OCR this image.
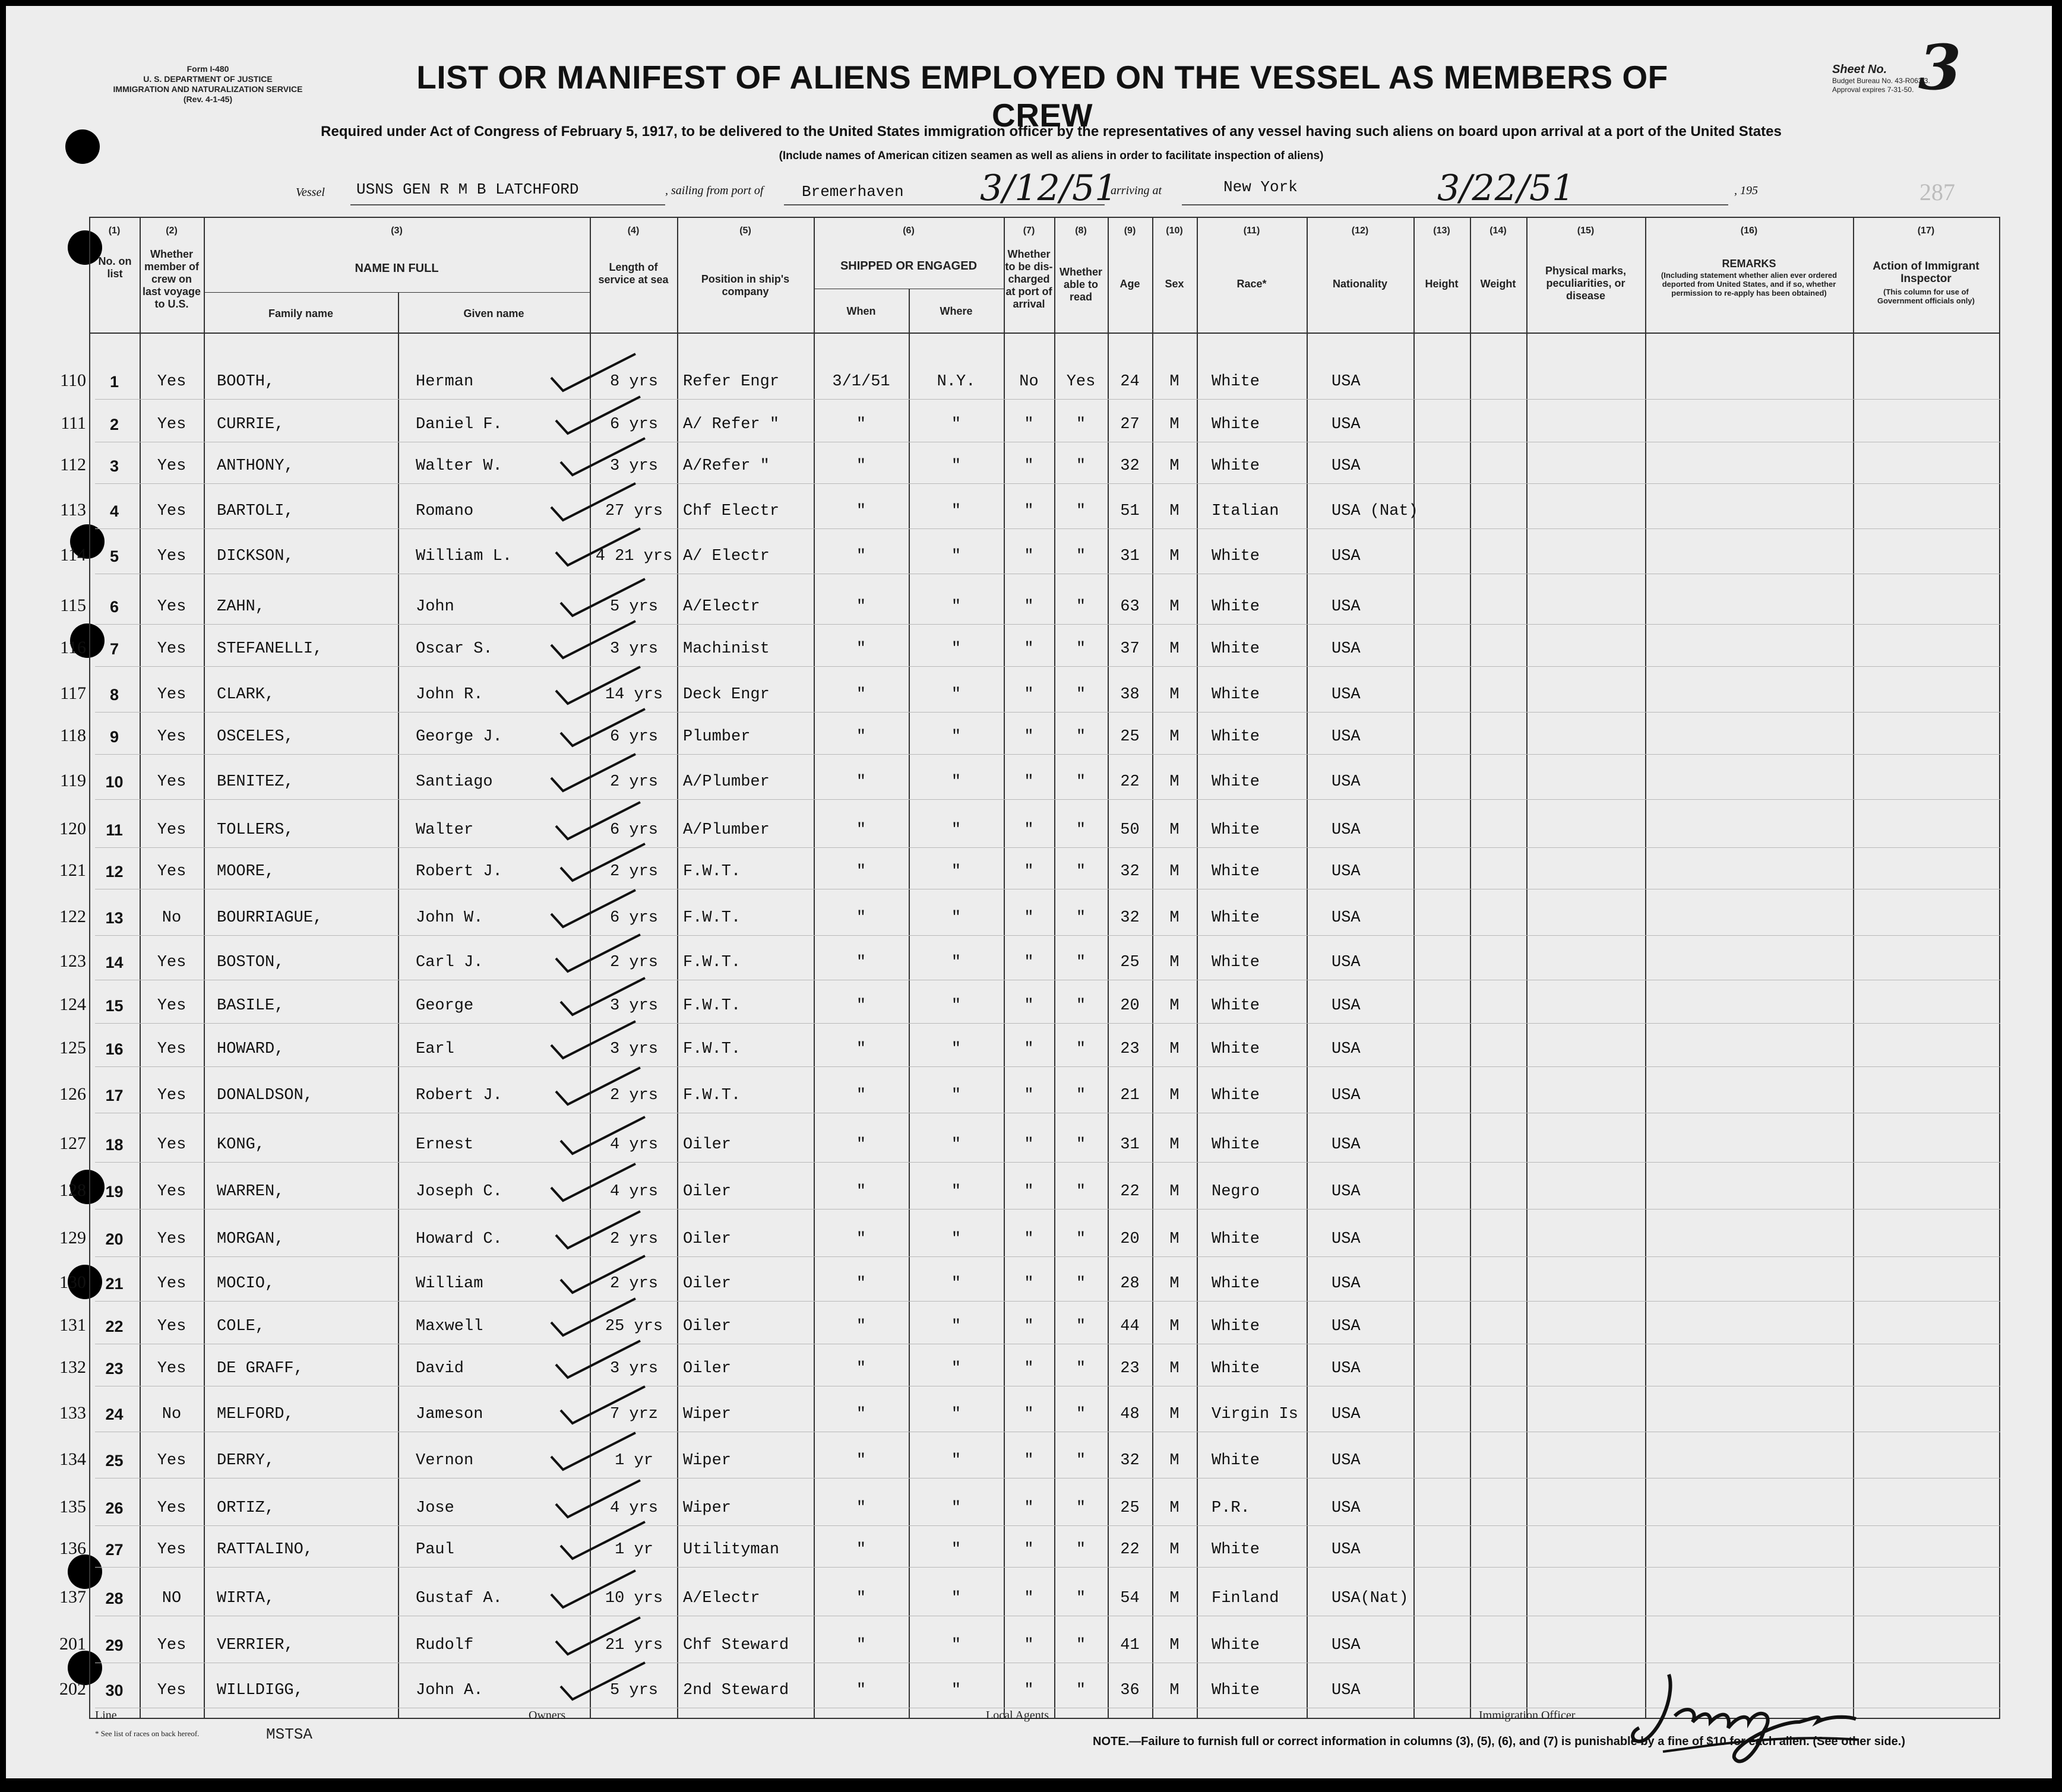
Form I-480
U. S. DEPARTMENT OF JUSTICE
IMMIGRATION AND NATURALIZATION SERVICE
(Rev. 4-1-45)
LIST OR MANIFEST OF ALIENS EMPLOYED ON THE VESSEL AS MEMBERS OF CREW
Sheet No. 3
Budget Bureau No. 43-R063.3.
Approval expires 7-31-50.
Required under Act of Congress of February 5, 1917, to be delivered to the United States immigration officer by the representatives of any vessel having such aliens on board upon arrival at a port of the United States
(Include names of American citizen seamen as well as aliens in order to facilitate inspection of aliens)
Vessel USNS GEN R M B LATCHFORD	, sailing from port of Bremerhaven 3/12/51
arriving at	New York	3/22/51	, 195	287
(1)	(2)	(3)	(4)	(5)	(6)	(7)	(8)	(9)	(10)	(11)	(12)	(13)	(14)	(15)	(16)	(17)
No. on list
Whether member of crew on last voyage to U.S.
NAME IN FULL
Family name	Given name
Length of service at sea	Position in ship's company
SHIPPED OR ENGAGED
When	Where
Whether to be dis-charged at port of arrival
Whether able to read
Age	Sex	Race*	Nationality	Height	Weight
Physical marks, peculiarities, or disease
REMARKS
(Including statement whether alien ever ordered deported from United States, and if so, whether permission to re-apply has been obtained)
Action of Immigrant Inspector
(This column for use of Government officials only)
110	1	Yes	BOOTH,	Herman	8 yrs	Refer Engr	3/1/51	N.Y.	No	Yes	24	M	White	USA
111	2	Yes	CURRIE,	Daniel F.	6 yrs	A/ Refer "	"	"	"	"	27	M	White	USA
112	3	Yes	ANTHONY,	Walter W.	3 yrs	A/Refer "	"	"	"	"	32	M	White	USA
113	4	Yes	BARTOLI,	Romano	27 yrs	Chf Electr	"	"	"	"	51	M	Italian	USA (Nat)
114	5	Yes	DICKSON,	William L.	4 21 yrs A/ Electr	"	"	"	"	31	M	White	USA
115	6	Yes	ZAHN,	John	5 yrs	A/Electr	"	"	"	"	63	M	White	USA
116	7	Yes	STEFANELLI,	Oscar S.	3 yrs	Machinist	"	"	"	"	37	M	White	USA
117	8	Yes	CLARK,	John R.	14 yrs	Deck Engr	"	"	"	"	38	M	White	USA
118	9	Yes	OSCELES,	George J.	6 yrs	Plumber	"	"	"	"	25	M	White	USA
119	10	Yes	BENITEZ,	Santiago	2 yrs	A/Plumber	"	"	"	"	22	M	White	USA
120	11	Yes	TOLLERS,	Walter	6 yrs	A/Plumber	"	"	"	"	50	M	White	USA
121	12	Yes	MOORE,	Robert J.	2 yrs	F.W.T.	"	"	"	"	32	M	White	USA
122	13	No	BOURRIAGUE,	John W.	6 yrs	F.W.T.	"	"	"	"	32	M	White	USA
123	14	Yes	BOSTON,	Carl J.	2 yrs	F.W.T.	"	"	"	"	25	M	White	USA
124	15	Yes	BASILE,	George	3 yrs	F.W.T.	"	"	"	"	20	M	White	USA
125	16	Yes	HOWARD,	Earl	3 yrs	F.W.T.	"	"	"	"	23	M	White	USA
126	17	Yes	DONALDSON,	Robert J.	2 yrs	F.W.T.	"	"	"	"	21	M	White	USA
127	18	Yes	KONG,	Ernest	4 yrs	Oiler	"	"	"	"	31	M	White	USA
128	19	Yes	WARREN,	Joseph C.	4 yrs	Oiler	"	"	"	"	22	M	Negro	USA
129	20	Yes	MORGAN,	Howard C.	2 yrs	Oiler	"	"	"	"	20	M	White	USA
130	21	Yes	MOCIO,	William	2 yrs	Oiler	"	"	"	"	28	M	White	USA
131	22	Yes	COLE,	Maxwell	25 yrs	Oiler	"	"	"	"	44	M	White	USA
132	23	Yes	DE GRAFF,	David	3 yrs	Oiler	"	"	"	"	23	M	White	USA
133	24	No	MELFORD,	Jameson	7 yrz	Wiper	"	"	"	"	48	M	Virgin Is	USA
134	25	Yes	DERRY,	Vernon	1 yr	Wiper	"	"	"	"	32	M	White	USA
135	26	Yes	ORTIZ,	Jose	4 yrs	Wiper	"	"	"	"	25	M	P.R.	USA
136	27	Yes	RATTALINO,	Paul	1 yr	Utilityman	"	"	"	"	22	M	White	USA
137	28	NO	WIRTA,	Gustaf A.	10 yrs	A/Electr	"	"	"	"	54	M	Finland	USA(Nat)
201	29	Yes	VERRIER,	Rudolf	21 yrs	Chf Steward	"	"	"	"	41	M	White	USA
202	30	Yes	WILLDIGG,	John A.	5 yrs	2nd Steward	"	"	"	"	36	M	White	USA
Line	Owners	Local Agents	Immigration Officer
* See list of races on back hereof.	MSTSA	NOTE.—Failure to furnish full or correct information in columns (3), (5), (6), and (7) is punishable by a fine of $10 for each alien. (See other side.)
